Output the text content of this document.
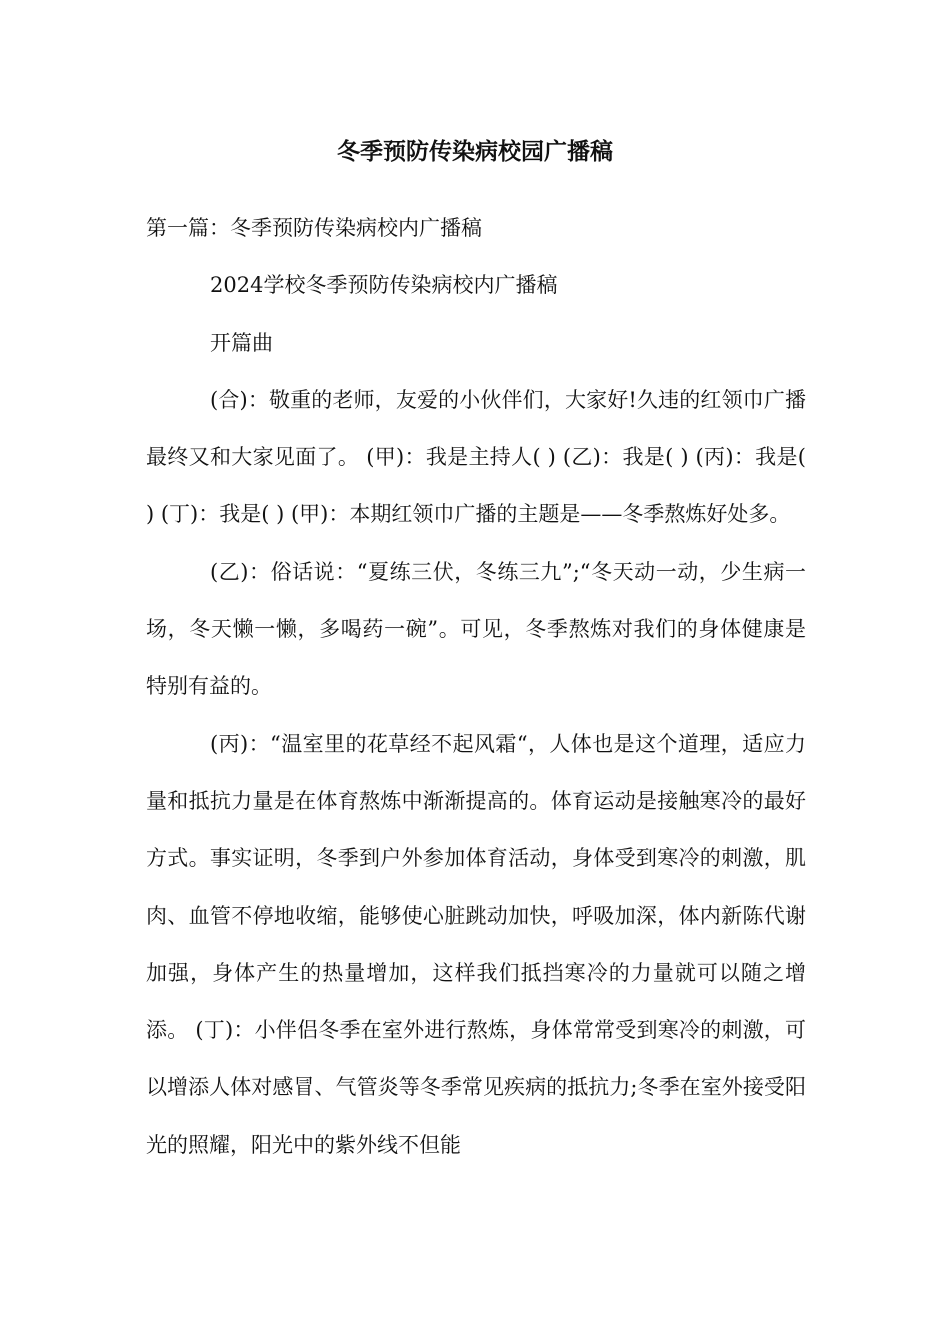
冬季预防传染病校园广播稿

第一篇：冬季预防传染病校内广播稿

2024学校冬季预防传染病校内广播稿

开篇曲

(合)：敬重的老师，友爱的小伙伴们，大家好!久违的红领巾广播最终又和大家见面了。 (甲)：我是主持人( ) (乙)：我是( ) (丙)：我是( ) (丁)：我是( ) (甲)：本期红领巾广播的主题是——冬季熬炼好处多。

(乙)：俗话说：“夏练三伏，冬练三九”;“冬天动一动，少生病一场，冬天懒一懒，多喝药一碗”。可见，冬季熬炼对我们的身体健康是特别有益的。

(丙)：“温室里的花草经不起风霜“，人体也是这个道理，适应力量和抵抗力量是在体育熬炼中渐渐提高的。体育运动是接触寒冷的最好方式。事实证明，冬季到户外参加体育活动，身体受到寒冷的刺激，肌肉、血管不停地收缩，能够使心脏跳动加快，呼吸加深，体内新陈代谢加强，身体产生的热量增加，这样我们抵挡寒冷的力量就可以随之增添。 (丁)：小伴侣冬季在室外进行熬炼，身体常常受到寒冷的刺激，可以增添人体对感冒、气管炎等冬季常见疾病的抵抗力;冬季在室外接受阳光的照耀，阳光中的紫外线不但能
